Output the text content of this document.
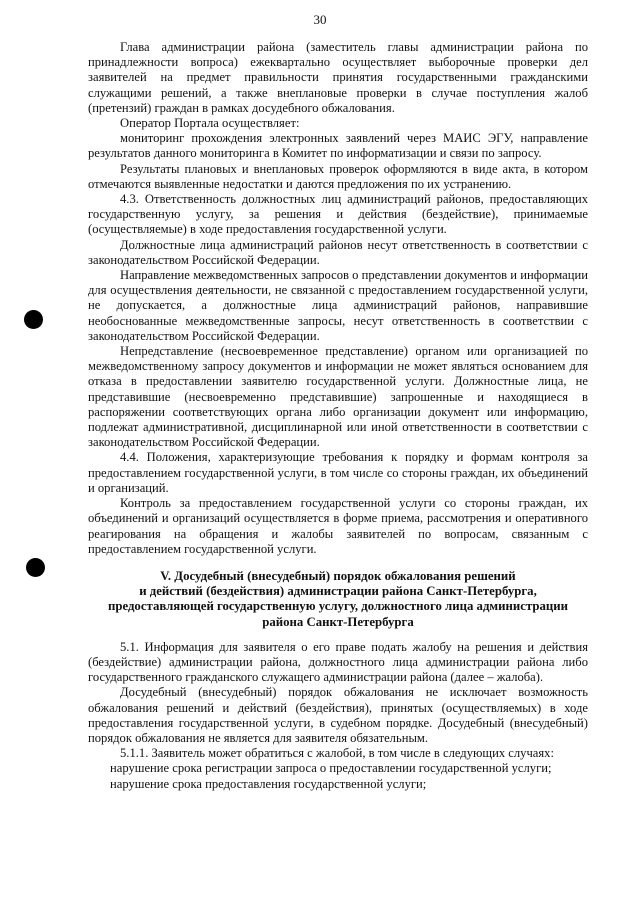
30

Глава администрации района (заместитель главы администрации района по принадлежности вопроса) ежеквартально осуществляет выборочные проверки дел заявителей на предмет правильности принятия государственными гражданскими служащими решений, а также внеплановые проверки в случае поступления жалоб (претензий) граждан в рамках досудебного обжалования.

Оператор Портала осуществляет:

мониторинг прохождения электронных заявлений через МАИС ЭГУ, направление результатов данного мониторинга в Комитет по информатизации и связи по запросу.

Результаты плановых и внеплановых проверок оформляются в виде акта, в котором отмечаются выявленные недостатки и даются предложения по их устранению.

4.3. Ответственность должностных лиц администраций районов, предоставляющих государственную услугу, за решения и действия (бездействие), принимаемые (осуществляемые) в ходе предоставления государственной услуги.

Должностные лица администраций районов несут ответственность в соответствии с законодательством Российской Федерации.

Направление межведомственных запросов о представлении документов и информации для осуществления деятельности, не связанной с предоставлением государственной услуги, не допускается, а должностные лица администраций районов, направившие необоснованные межведомственные запросы, несут ответственность в соответствии с законодательством Российской Федерации.

Непредставление (несвоевременное представление) органом или организацией по межведомственному запросу документов и информации не может являться основанием для отказа в предоставлении заявителю государственной услуги. Должностные лица, не представившие (несвоевременно представившие) запрошенные и находящиеся в распоряжении соответствующих органа либо организации документ или информацию, подлежат административной, дисциплинарной или иной ответственности в соответствии с законодательством Российской Федерации.

4.4. Положения, характеризующие требования к порядку и формам контроля за предоставлением государственной услуги, в том числе со стороны граждан, их объединений и организаций.

Контроль за предоставлением государственной услуги со стороны граждан, их объединений и организаций осуществляется в форме приема, рассмотрения и оперативного реагирования на обращения и жалобы заявителей по вопросам, связанным с предоставлением государственной услуги.

V. Досудебный (внесудебный) порядок обжалования решений
и действий (бездействия) администрации района Санкт-Петербурга,
предоставляющей государственную услугу, должностного лица администрации
района Санкт-Петербурга

5.1. Информация для заявителя о его праве подать жалобу на решения и действия (бездействие) администрации района, должностного лица администрации района либо государственного гражданского служащего администрации района (далее – жалоба).

Досудебный (внесудебный) порядок обжалования не исключает возможность обжалования решений и действий (бездействия), принятых (осуществляемых) в ходе предоставления государственной услуги, в судебном порядке. Досудебный (внесудебный) порядок обжалования не является для заявителя обязательным.

5.1.1. Заявитель может обратиться с жалобой, в том числе в следующих случаях:

нарушение срока регистрации запроса о предоставлении государственной услуги;

нарушение срока предоставления государственной услуги;
